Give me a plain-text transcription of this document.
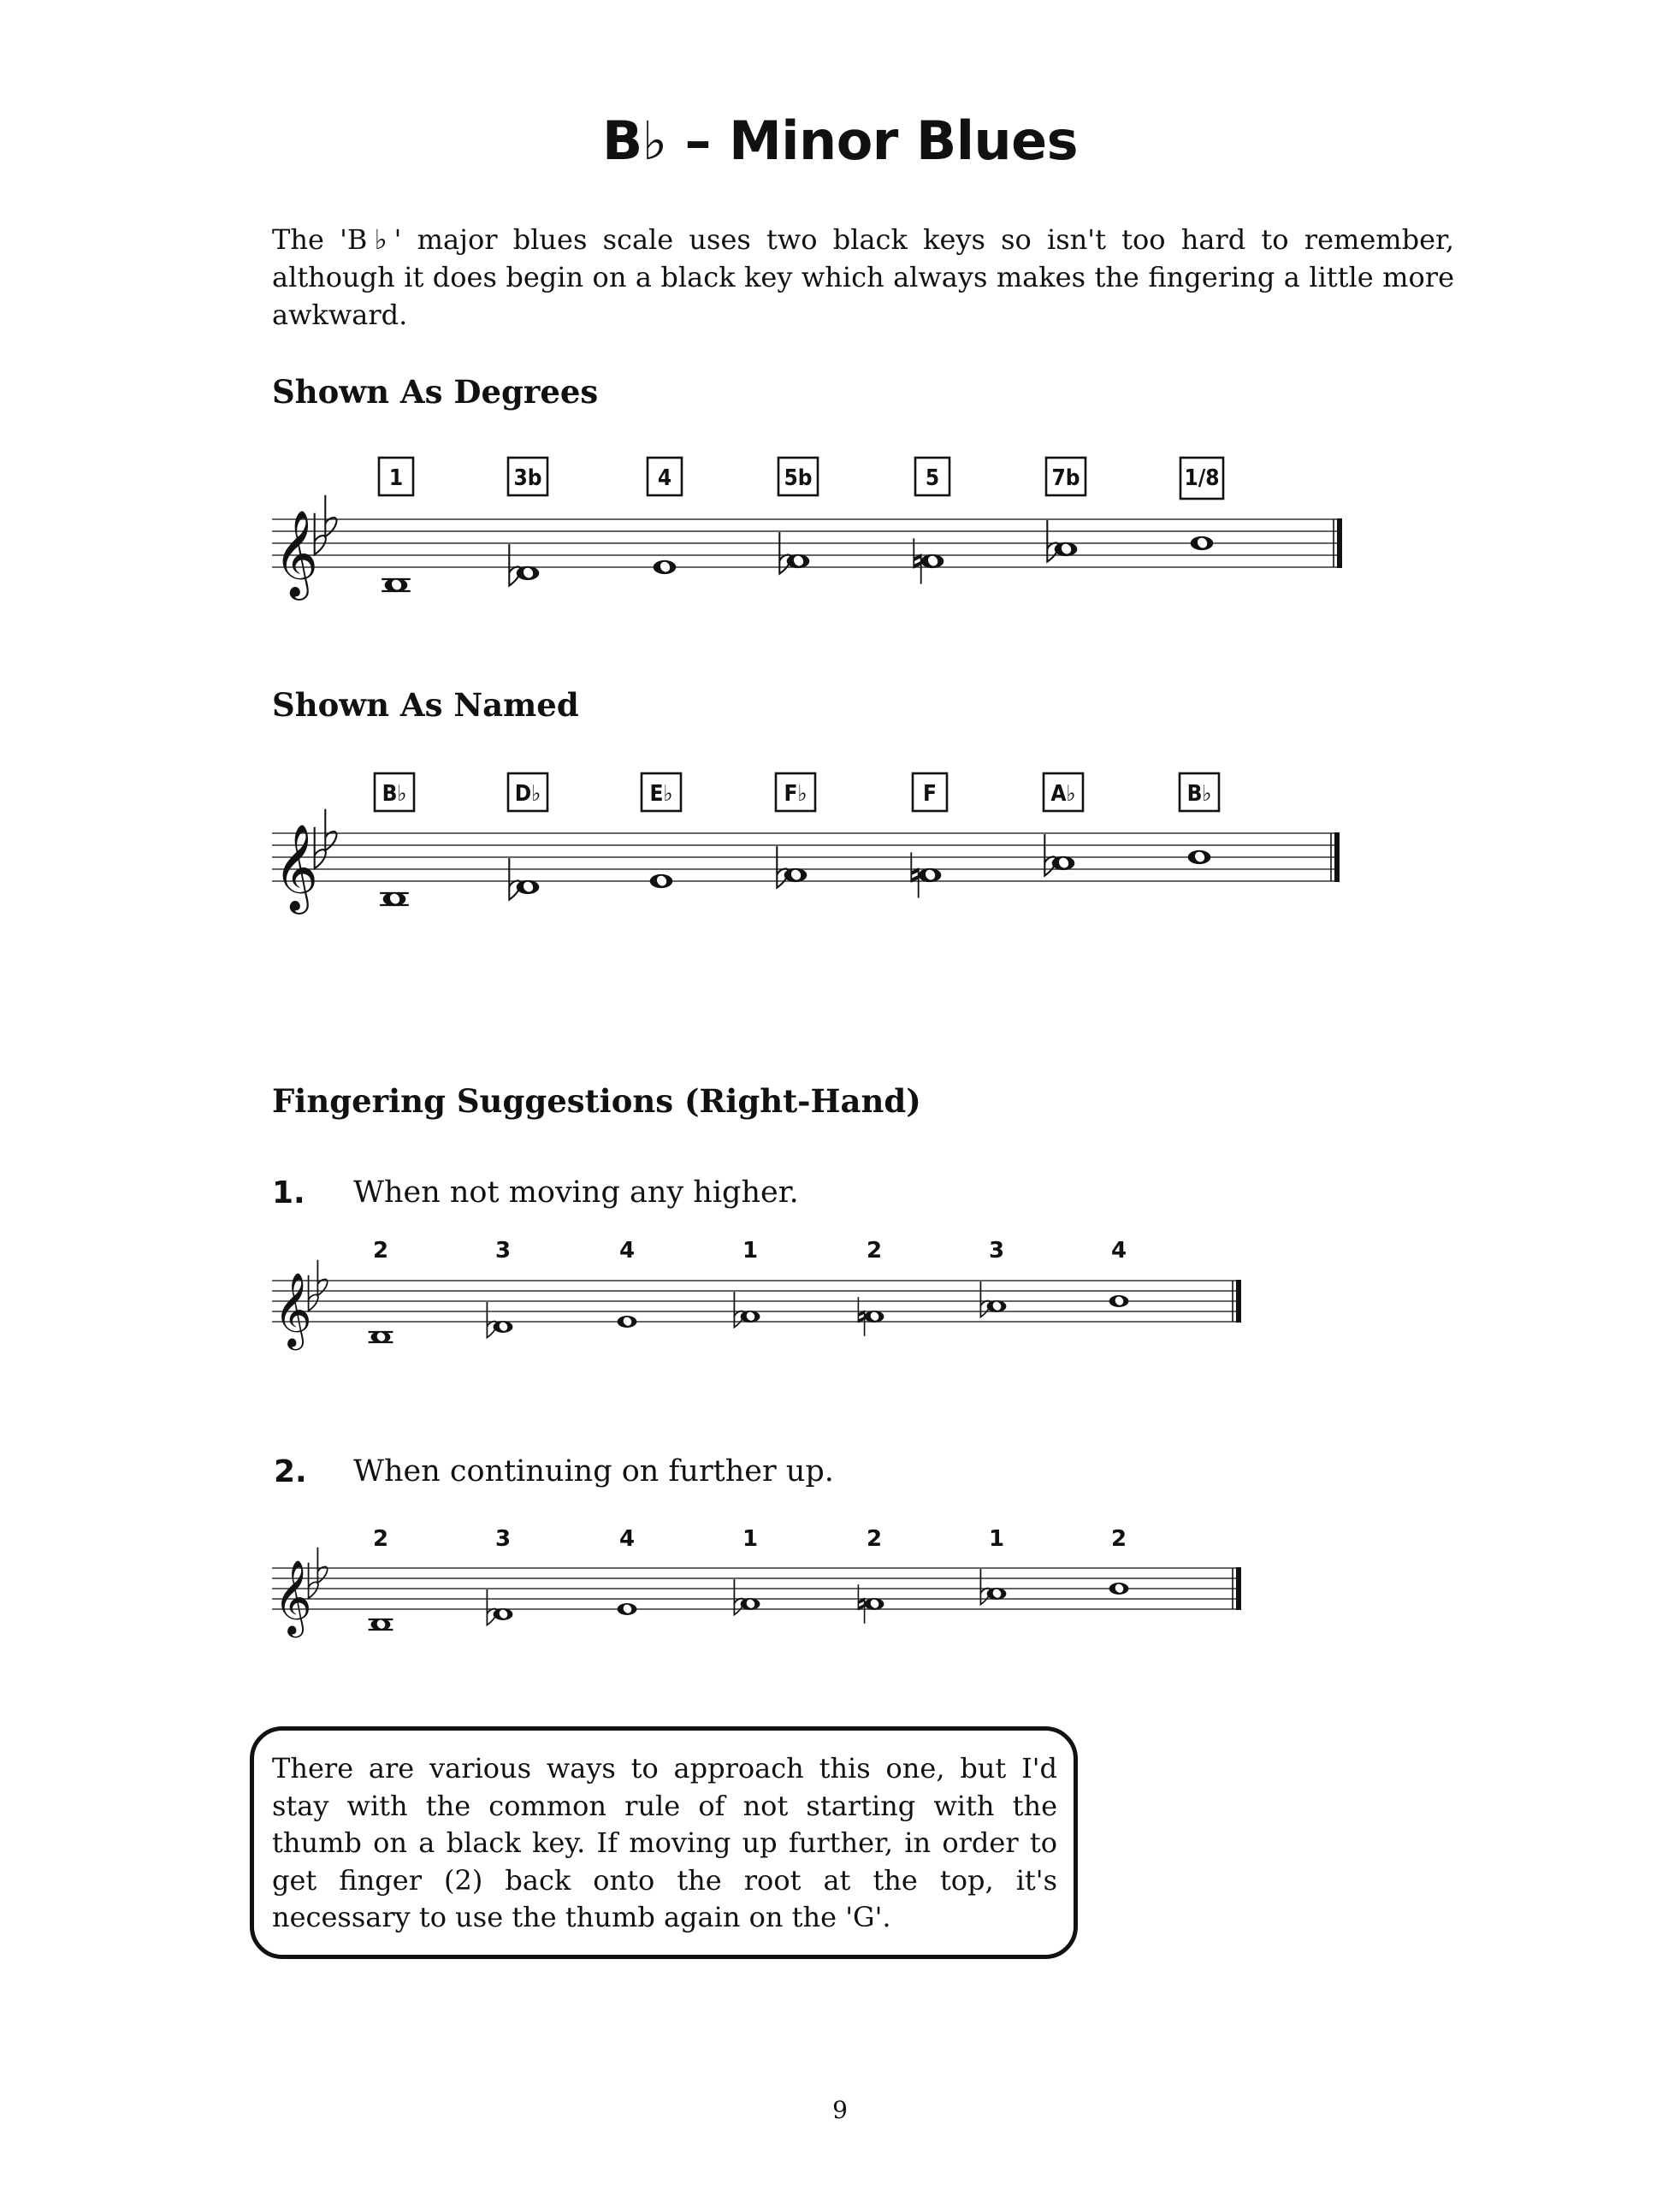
B♭ – Minor Blues
The 'B♭' major blues scale uses two black keys so isn't too hard to remember, although it does begin on a black key which always makes the fingering a little more awkward.
Shown As Degrees
𝄞
1	3b	4	5b	5	7b	1/8
Shown As Named
𝄞
B♭	D♭	E♭	F♭	F	A♭	B♭
Fingering Suggestions (Right-Hand)
1. When not moving any higher.
𝄞
2	3	4	1	2	3	4
2. When continuing on further up.
𝄞
2	3	4	1	2	1	2
There are various ways to approach this one, but I'd stay with the common rule of not starting with the thumb on a black key. If moving up further, in order to get finger (2) back onto the root at the top, it's necessary to use the thumb again on the 'G'.
9
